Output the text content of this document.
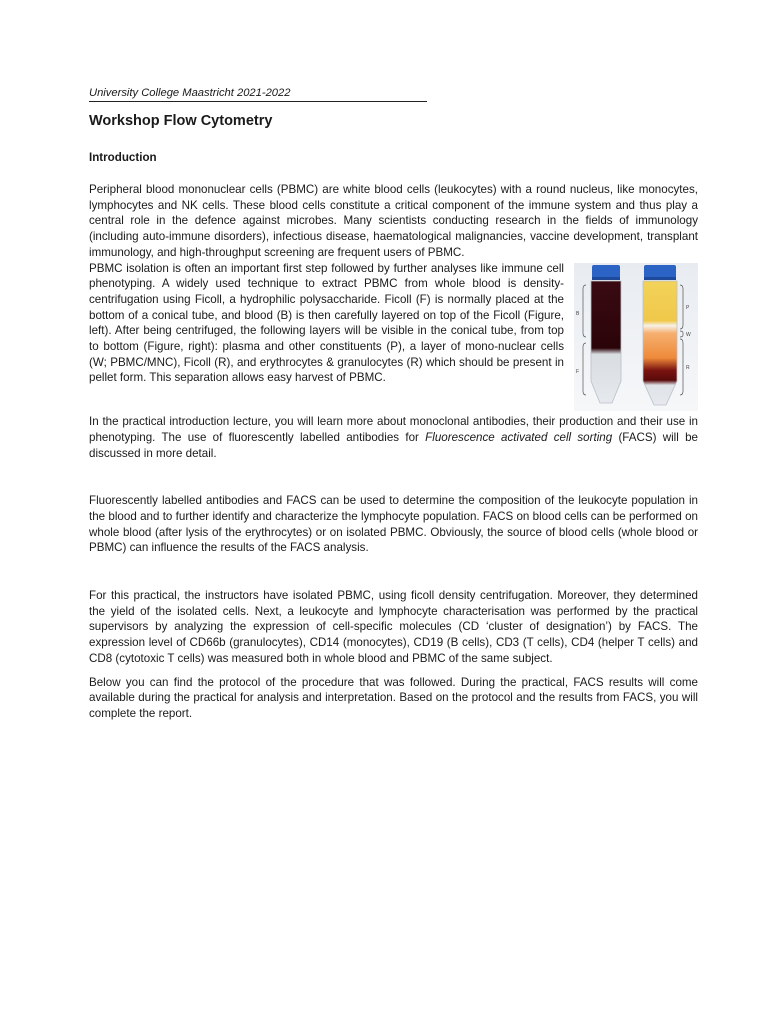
University College Maastricht 2021-2022
Workshop Flow Cytometry
Introduction

Peripheral blood mononuclear cells (PBMC) are white blood cells (leukocytes) with a round nucleus, like monocytes, lymphocytes and NK cells. These blood cells constitute a critical component of the immune system and thus play a central role in the defence against microbes. Many scientists conducting research in the fields of immunology (including auto-immune disorders), infectious disease, haematological malignancies, vaccine development, transplant immunology, and high-throughput screening are frequent users of PBMC.

PBMC isolation is often an important first step followed by further analyses like immune cell phenotyping. A widely used technique to extract PBMC from whole blood is density-centrifugation using Ficoll, a hydrophilic polysaccharide. Ficoll (F) is normally placed at the bottom of a conical tube, and blood (B) is then carefully layered on top of the Ficoll (Figure, left). After being centrifuged, the following layers will be visible in the conical tube, from top to bottom (Figure, right): plasma and other constituents (P), a layer of mono-nuclear cells (W; PBMC/MNC), Ficoll (R), and erythrocytes & granulocytes (R) which should be present in pellet form. This separation allows easy harvest of PBMC.

B
F
P
W
R

In the practical introduction lecture, you will learn more about monoclonal antibodies, their production and their use in phenotyping. The use of fluorescently labelled antibodies for Fluorescence activated cell sorting (FACS) will be discussed in more detail.

Fluorescently labelled antibodies and FACS can be used to determine the composition of the leukocyte population in the blood and to further identify and characterize the lymphocyte population. FACS on blood cells can be performed on whole blood (after lysis of the erythrocytes) or on isolated PBMC. Obviously, the source of blood cells (whole blood or PBMC) can influence the results of the FACS analysis.

For this practical, the instructors have isolated PBMC, using ficoll density centrifugation. Moreover, they determined the yield of the isolated cells. Next, a leukocyte and lymphocyte characterisation was performed by the practical supervisors by analyzing the expression of cell-specific molecules (CD ‘cluster of designation’) by FACS. The expression level of CD66b (granulocytes), CD14 (monocytes), CD19 (B cells), CD3 (T cells), CD4 (helper T cells) and CD8 (cytotoxic T cells) was measured both in whole blood and PBMC of the same subject.

Below you can find the protocol of the procedure that was followed. During the practical, FACS results will come available during the practical for analysis and interpretation. Based on the protocol and the results from FACS, you will complete the report.
